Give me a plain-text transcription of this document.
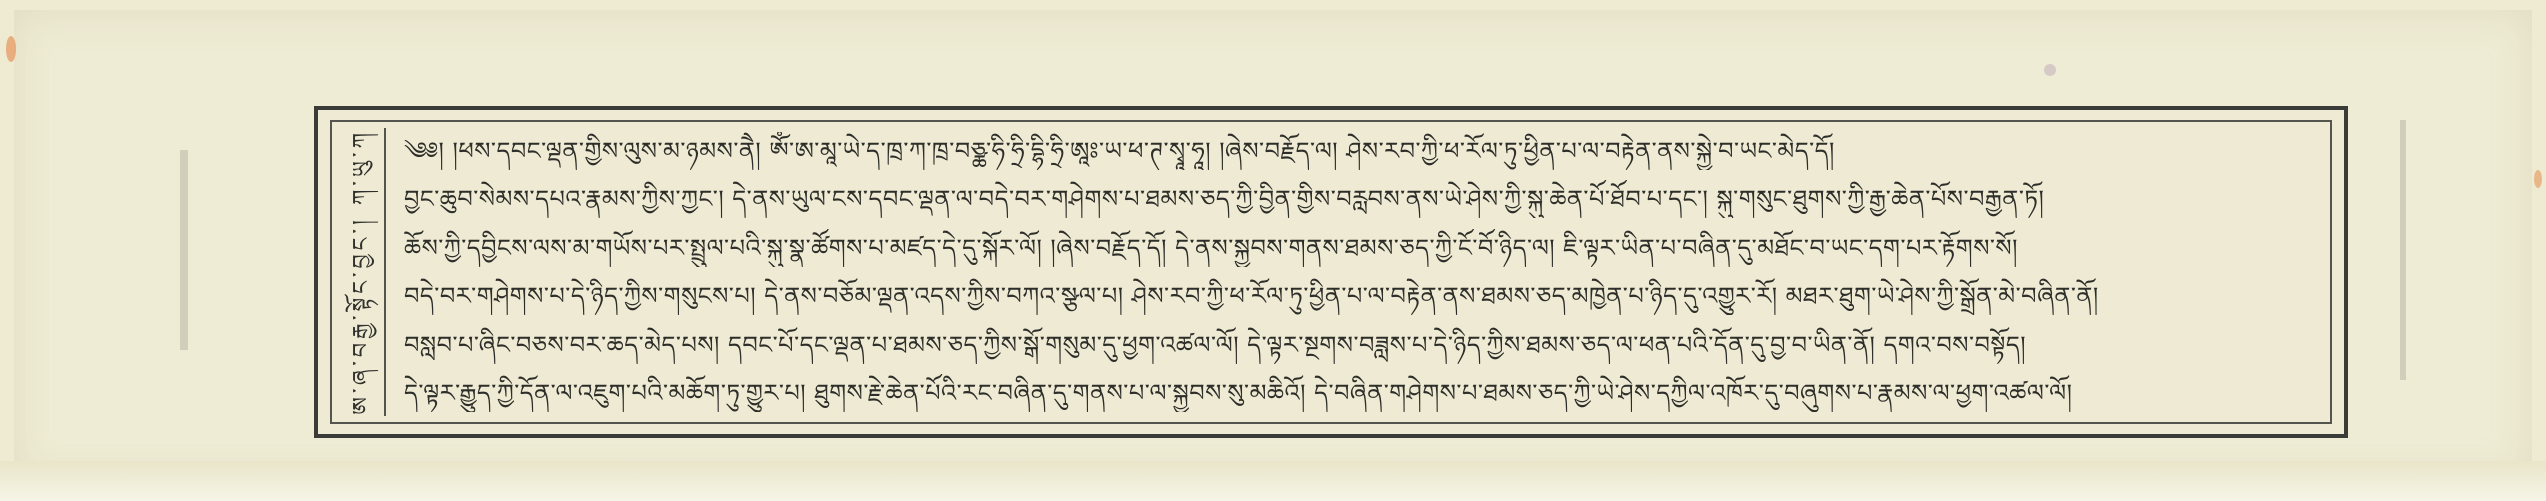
ཨ་ཞ་བརྒྱ་སྟོང་བྱང་། ཀ་ཡུ་ཀ	༄༅། །ཕས་དབང་ལྡན་གྱིས་ལུས་མ་ཉམས་ནཻ། ཨོཾ་ཨ་མཱ་ཡེ་ད་ཁྲ་ཀ་ཁྲ་བཅྪ་ཧི་ཧྲི་དྷི་ཧྲི་ཨཱཿ་ཡ་ཕ་ཊ་སྭཱ་ཧཱ། །ཞེས་བརྗོད་ལ། ཤེས་རབ་ཀྱི་ཕ་རོལ་ཏུ་ཕྱིན་པ་ལ་བརྟེན་ནས་སྐྱེ་བ་ཡང་མེད་དོ།
བྱང་ཆུབ་སེམས་དཔའ་རྣམས་ཀྱིས་ཀྱང་། དེ་ནས་ཡུལ་ངས་དབང་ལྡན་ལ་བདེ་བར་གཤེགས་པ་ཐམས་ཅད་ཀྱི་བྱིན་གྱིས་བརླབས་ནས་ཡེ་ཤེས་ཀྱི་སྐུ་ཆེན་པོ་ཐོབ་པ་དང་། སྐུ་གསུང་ཐུགས་ཀྱི་རྒྱ་ཆེན་པོས་བརྒྱན་ཏོ།
ཆོས་ཀྱི་དབྱིངས་ལས་མ་གཡོས་པར་སྤྲུལ་པའི་སྐུ་སྣ་ཚོགས་པ་མཛད་དེ་དུ་སྐོར་ལོ། །ཞེས་བརྗོད་དོ། དེ་ནས་སྐྱབས་གནས་ཐམས་ཅད་ཀྱི་ངོ་བོ་ཉིད་ལ། ཇི་ལྟར་ཡིན་པ་བཞིན་དུ་མཐོང་བ་ཡང་དག་པར་རྟོགས་སོ།
བདེ་བར་གཤེགས་པ་དེ་ཉིད་ཀྱིས་གསུངས་པ། དེ་ནས་བཅོམ་ལྡན་འདས་ཀྱིས་བཀའ་སྩལ་པ། ཤེས་རབ་ཀྱི་ཕ་རོལ་ཏུ་ཕྱིན་པ་ལ་བརྟེན་ནས་ཐམས་ཅད་མཁྱེན་པ་ཉིད་དུ་འགྱུར་རོ། མཐར་ཐུག་ཡེ་ཤེས་ཀྱི་སྒྲོན་མེ་བཞིན་ནོ།
བསླབ་པ་ཞིང་བཅས་བར་ཆད་མེད་པས། དབང་པོ་དང་ལྡན་པ་ཐམས་ཅད་ཀྱིས་སྒོ་གསུམ་དུ་ཕྱག་འཚལ་ལོ། དེ་ལྟར་སྔགས་བཟླས་པ་དེ་ཉིད་ཀྱིས་ཐམས་ཅད་ལ་ཕན་པའི་དོན་དུ་བྱ་བ་ཡིན་ནོ། དགའ་བས་བསྟོད།
དེ་ལྟར་རྒྱུད་ཀྱི་དོན་ལ་འཇུག་པའི་མཆོག་ཏུ་གྱུར་པ། ཐུགས་རྗེ་ཆེན་པོའི་རང་བཞིན་དུ་གནས་པ་ལ་སྐྱབས་སུ་མཆིའོ། དེ་བཞིན་གཤེགས་པ་ཐམས་ཅད་ཀྱི་ཡེ་ཤེས་དཀྱིལ་འཁོར་དུ་བཞུགས་པ་རྣམས་ལ་ཕྱག་འཚལ་ལོ།
